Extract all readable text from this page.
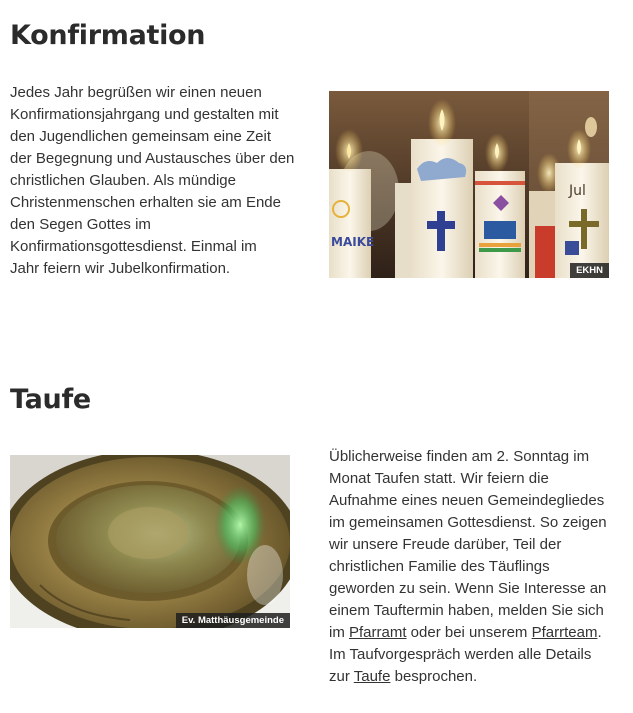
Konfirmation

Jedes Jahr begrüßen wir einen neuen
Konfirmationsjahrgang und gestalten mit
den Jugendlichen gemeinsam eine Zeit
der Begegnung und Austausches über den
christlichen Glauben. Als mündige
Christenmenschen erhalten sie am Ende
den Segen Gottes im
Konfirmationsgottesdienst. Einmal im
Jahr feiern wir Jubelkonfirmation.

MAIKE
Jul
EKHN
Taufe
Ev. Matthäusgemeinde

Üblicherweise finden am 2. Sonntag im
Monat Taufen statt. Wir feiern die
Aufnahme eines neuen Gemeindegliedes
im gemeinsamen Gottesdienst. So zeigen
wir unsere Freude darüber, Teil der
christlichen Familie des Täuflings
geworden zu sein. Wenn Sie Interesse an
einem Tauftermin haben, melden Sie sich
im Pfarramt oder bei unserem Pfarrteam.
Im Taufvorgespräch werden alle Details
zur Taufe besprochen.
